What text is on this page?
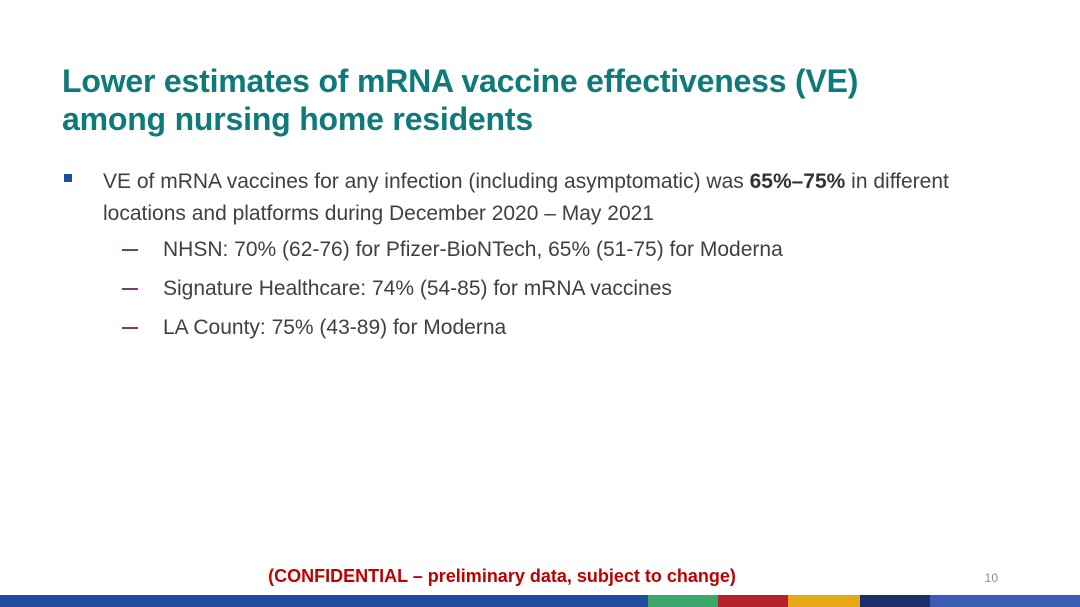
Lower estimates of mRNA vaccine effectiveness (VE)
among nursing home residents
VE of mRNA vaccines for any infection (including asymptomatic) was 65%–75% in different locations and platforms during December 2020 – May 2021
NHSN: 70% (62-76) for Pfizer-BioNTech, 65% (51-75) for Moderna
Signature Healthcare: 74% (54-85) for mRNA vaccines
LA County: 75% (43-89) for Moderna
(CONFIDENTIAL – preliminary data, subject to change)	10
